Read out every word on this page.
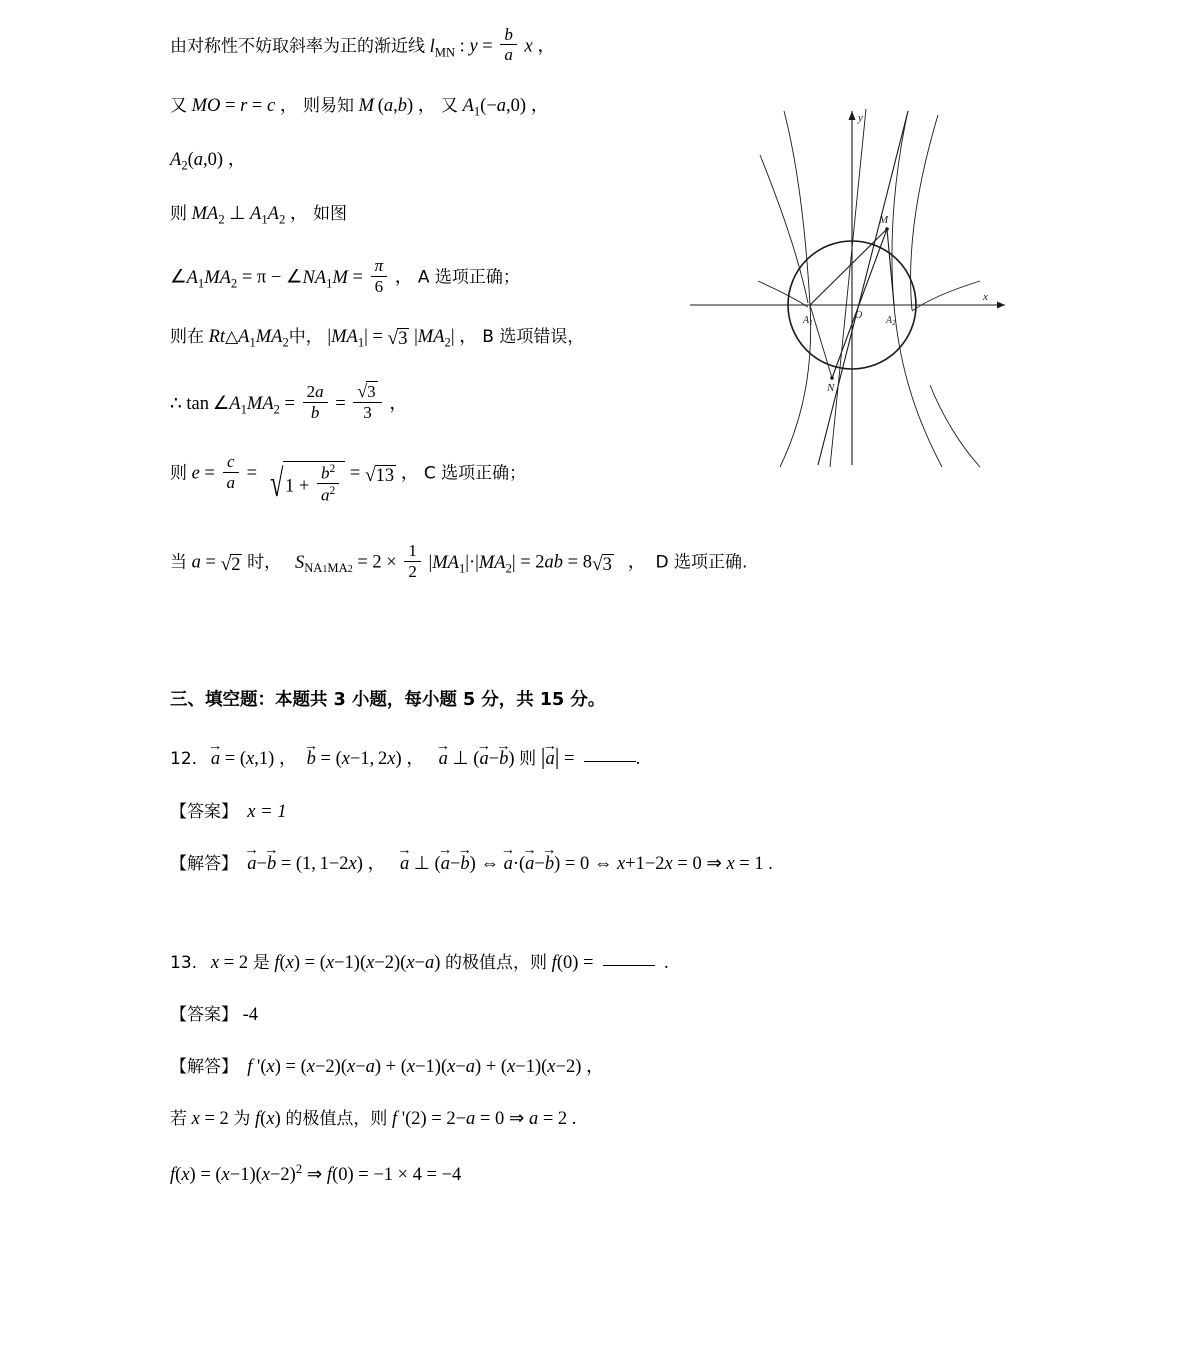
由对称性不妨取斜率为正的渐近线 $l_{MN}$ : $y = \frac{b}{a}$ x ，
又 MO = r = c ， 则易知 M (a,b) ， 又 $A_1(-a,0)$ ，
$A_2(a,0)$ ，
则 $MA_2$ ⊥ $A_1A_2$ ， 如图
$\angle A_1MA_2 = \pi$ − $\angle NA_1M = \frac{\pi}{6}$ ， A 选项正确；
则在 $Rt\triangle A_1MA_2$中， $|MA_1| = √3$ $|MA_2|$ ， B 选项错误，
∴ $\tan \angle A_1MA_2 = \frac{2a}{b} = \frac{√3}{3}$ ，
则 $e = \frac{c}{a}$ = √ $1 + \frac{b^2}{a^2} = √13$ ， C 选项正确；
当 a = √2 时， $S_{NA1MA2} = 2 \times \frac{1}{2} |MA_1|\cdot|MA_2| = 2ab = 8√3$   ，  D 选项正确.
三、填空题：本题共 3 小题，每小题 5 分，共 15 分。
12. a → = (x,1) ，  b → = (x−1, 2x) ，   a → ⊥ (a →−b →) 则 |a →| =	.
【答案】 x = 1
【解答】 a →−b → = (1, 1−2x) ，   a → ⊥ (a →−b →) ⇔ a →·(a →−b →) = 0 ⇔ x+1−2x = 0 ⇒ x = 1 .
13. x = 2 是 f(x) = (x−1)(x−2)(x−a) 的极值点，则 f(0) =	.
【答案】 -4
【解答】 f '(x) = (x−2)(x−a) + (x−1)(x−a) + (x−1)(x−2) ，
若 x = 2 为 f(x) 的极值点，则 f '(2) = 2−a = 0 ⇒ a = 2 .
$f(x) = (x-1)(x-2)^2$ ⇒ f(0) = −1 × 4 = −4
x
y
M
N
O
$A_1$	$A_2$
